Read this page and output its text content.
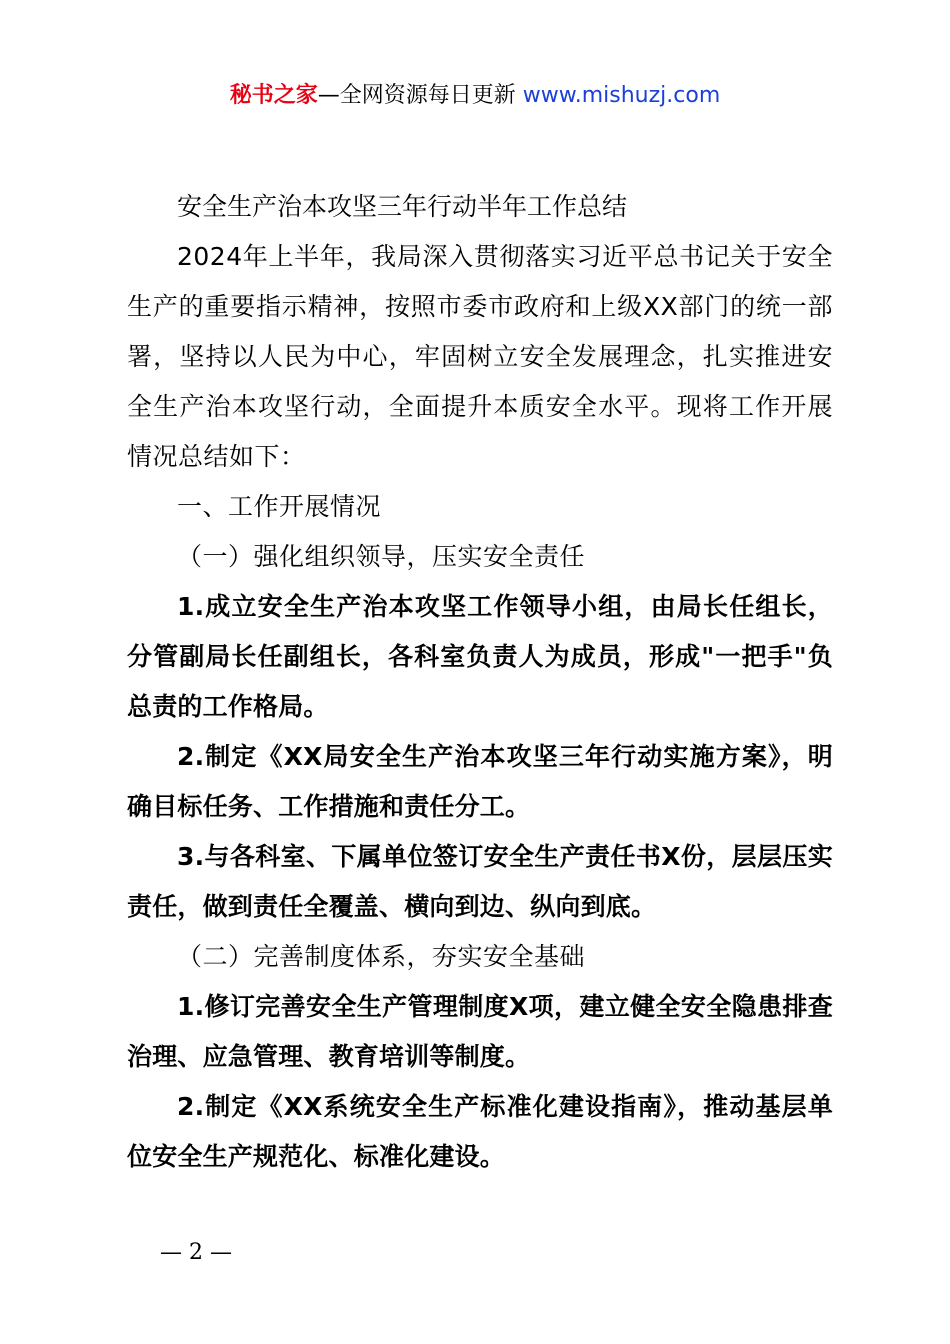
秘书之家—全网资源每日更新 www.mishuzj.com

安全生产治本攻坚三年行动半年工作总结

2024年上半年，我局深入贯彻落实习近平总书记关于安全生产的重要指示精神，按照市委市政府和上级XX部门的统一部署，坚持以人民为中心，牢固树立安全发展理念，扎实推进安全生产治本攻坚行动，全面提升本质安全水平。现将工作开展情况总结如下：

一、工作开展情况

（一）强化组织领导，压实安全责任

1.成立安全生产治本攻坚工作领导小组，由局长任组长，分管副局长任副组长，各科室负责人为成员，形成"一把手"负总责的工作格局。

2.制定《XX局安全生产治本攻坚三年行动实施方案》，明确目标任务、工作措施和责任分工。

3.与各科室、下属单位签订安全生产责任书X份，层层压实责任，做到责任全覆盖、横向到边、纵向到底。

（二）完善制度体系，夯实安全基础

1.修订完善安全生产管理制度X项，建立健全安全隐患排查治理、应急管理、教育培训等制度。

2.制定《XX系统安全生产标准化建设指南》，推动基层单位安全生产规范化、标准化建设。

— 2 —
